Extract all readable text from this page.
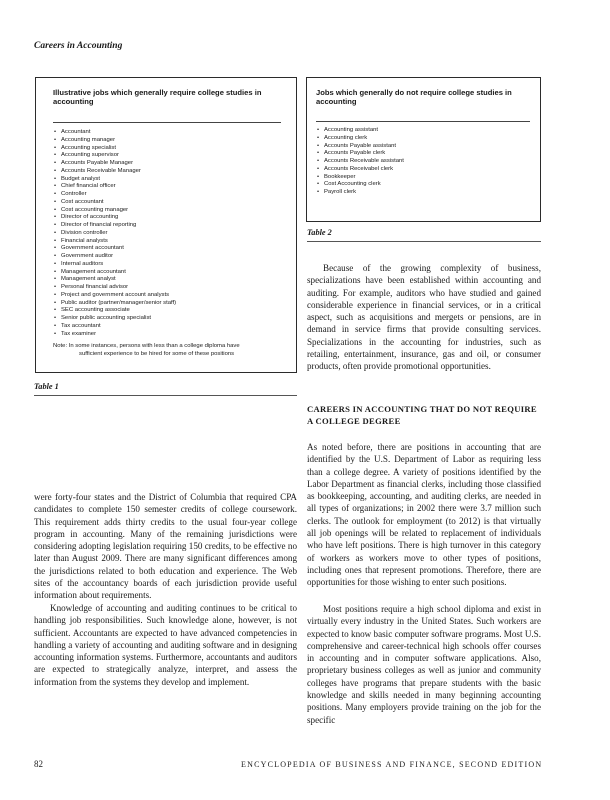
Careers in Accounting
Illustrative jobs which generally require college studies in accounting
• Accountant
• Accounting manager
• Accounting specialist
• Accounting supervisor
• Accounts Payable Manager
• Accounts Receivable Manager
• Budget analyst
• Chief financial officer
• Controller
• Cost accountant
• Cost accounting manager
• Director of accounting
• Director of financial reporting
• Division controller
• Financial analysts
• Government accountant
• Government auditor
• Internal auditors
• Management accountant
• Management analyst
• Personal financial advisor
• Project and government account analysts
• Public auditor (partner/manager/senior staff)
• SEC accounting associate
• Senior public accounting specialist
• Tax accountant
• Tax examiner
Note: In some instances, persons with less than a college diploma have
sufficient experience to be hired for some of these positions
Jobs which generally do not require college studies in accounting
• Accounting assistant
• Accounting clerk
• Accounts Payable assistant
• Accounts Payable clerk
• Accounts Receivable assistant
• Accounts Receivabel clerk
• Bookkeeper
• Cost Accounting clerk
• Payroll clerk
Table 1
Table 2

were forty-four states and the District of Columbia that required CPA candidates to complete 150 semester credits of college coursework. This requirement adds thirty credits to the usual four-year college program in accounting. Many of the remaining jurisdictions were considering adopting legislation requiring 150 credits, to be effective no later than August 2009. There are many significant differences among the jurisdictions related to both education and experience. The Web sites of the accountancy boards of each jurisdiction provide useful information about requirements.

Knowledge of accounting and auditing continues to be critical to handling job responsibilities. Such knowledge alone, however, is not sufficient. Accountants are expected to have advanced competencies in handling a variety of accounting and auditing software and in designing accounting information systems. Furthermore, accountants and auditors are expected to strategically analyze, interpret, and assess the information from the systems they develop and implement.

Because of the growing complexity of business, specializations have been established within accounting and auditing. For example, auditors who have studied and gained considerable experience in financial services, or in a critical aspect, such as acquisitions and mergets or pensions, are in demand in service firms that provide consulting services. Specializations in the accounting for industries, such as retailing, entertainment, insurance, gas and oil, or consumer products, often provide promotional opportunities.

CAREERS IN ACCOUNTING THAT DO NOT REQUIRE A COLLEGE DEGREE

As noted before, there are positions in accounting that are identified by the U.S. Department of Labor as requiring less than a college degree. A variety of positions identified by the Labor Department as financial clerks, including those classified as bookkeeping, accounting, and auditing clerks, are needed in all types of organizations; in 2002 there were 3.7 million such clerks. The outlook for employment (to 2012) is that virtually all job openings will be related to replacement of individuals who have left positions. There is high turnover in this category of workers as workers move to other types of positions, including ones that represent promotions. Therefore, there are opportunities for those wishing to enter such positions.

Most positions require a high school diploma and exist in virtually every industry in the United States. Such workers are expected to know basic computer software programs. Most U.S. comprehensive and career-technical high schools offer courses in accounting and in computer software applications. Also, proprietary business colleges as well as junior and community colleges have programs that prepare students with the basic knowledge and skills needed in many beginning accounting positions. Many employers provide training on the job for the specific

82	ENCYCLOPEDIA OF BUSINESS AND FINANCE, SECOND EDITION
